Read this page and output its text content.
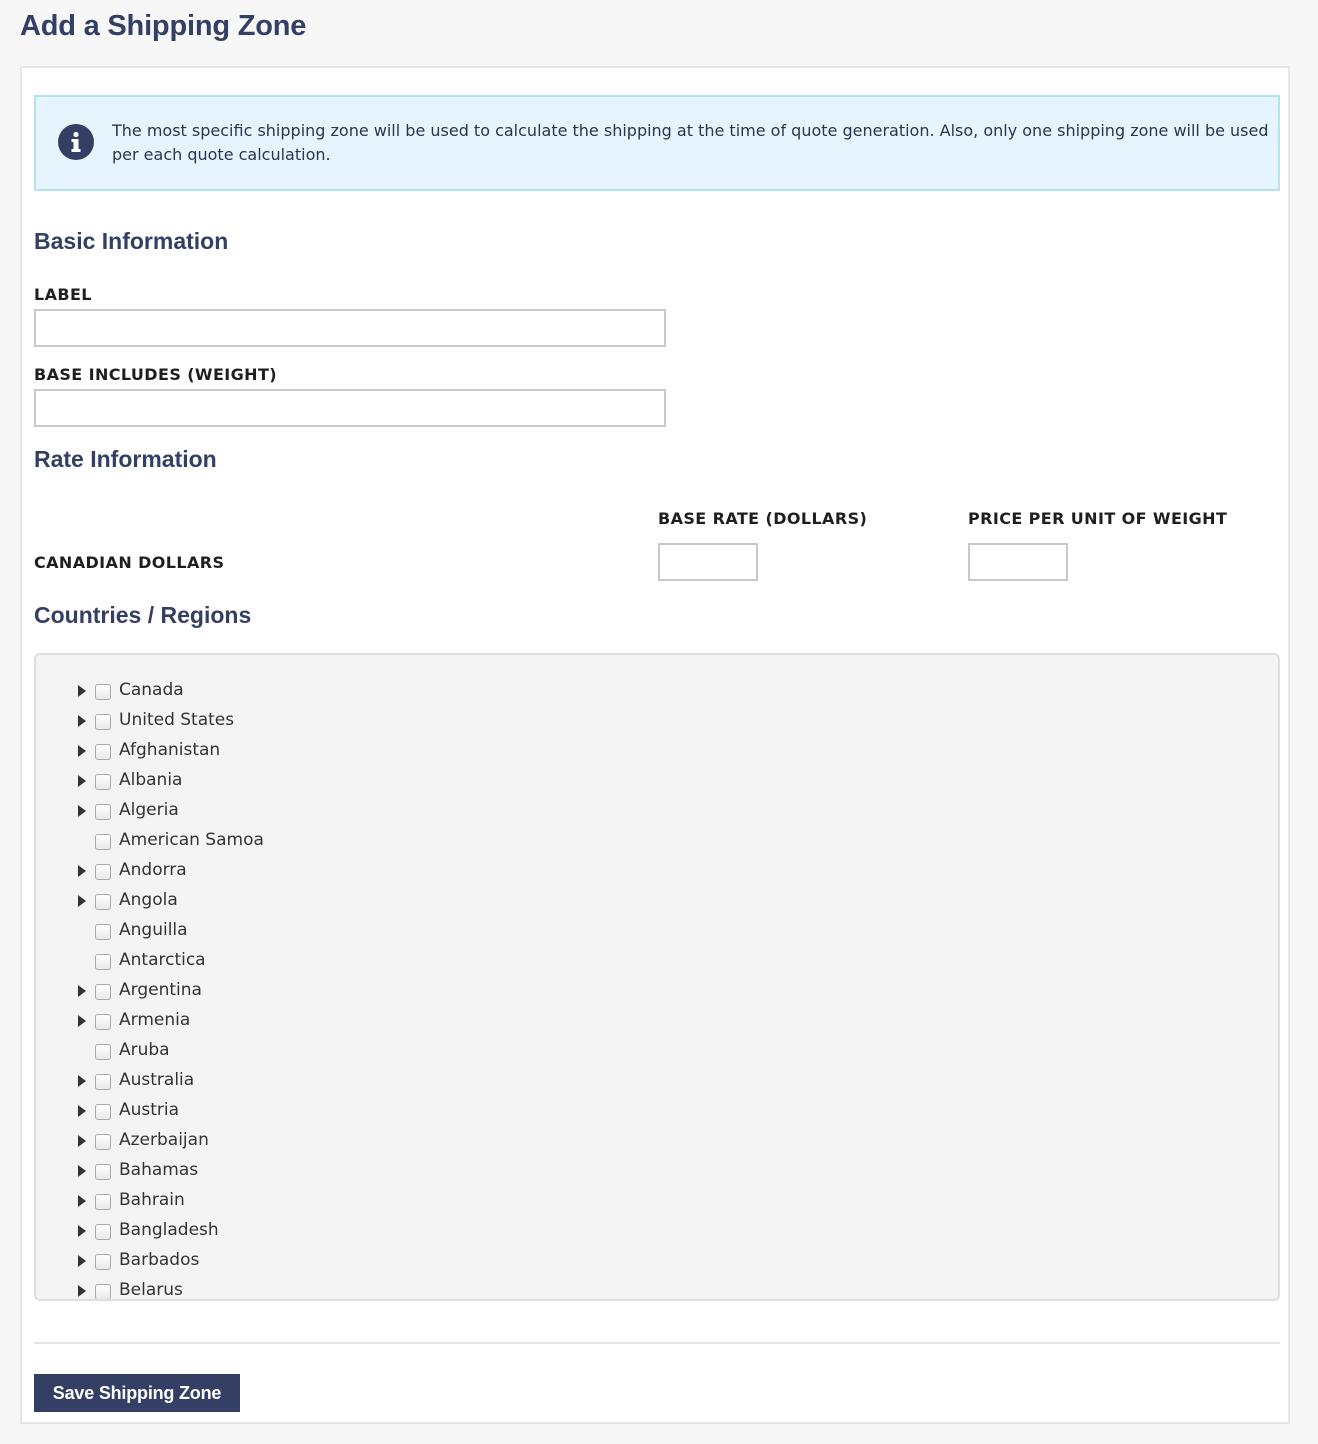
Add a Shipping Zone

The most specific shipping zone will be used to calculate the shipping at the time of quote generation. Also, only one shipping zone will be used per each quote calculation.

Basic Information
LABEL
BASE INCLUDES (WEIGHT)
Rate Information
BASE RATE (DOLLARS)	PRICE PER UNIT OF WEIGHT
CANADIAN DOLLARS
Countries / Regions
Canada
United States
Afghanistan
Albania
Algeria
American Samoa
Andorra
Angola
Anguilla
Antarctica
Argentina
Armenia
Aruba
Australia
Austria
Azerbaijan
Bahamas
Bahrain
Bangladesh
Barbados
Belarus
Save Shipping Zone
